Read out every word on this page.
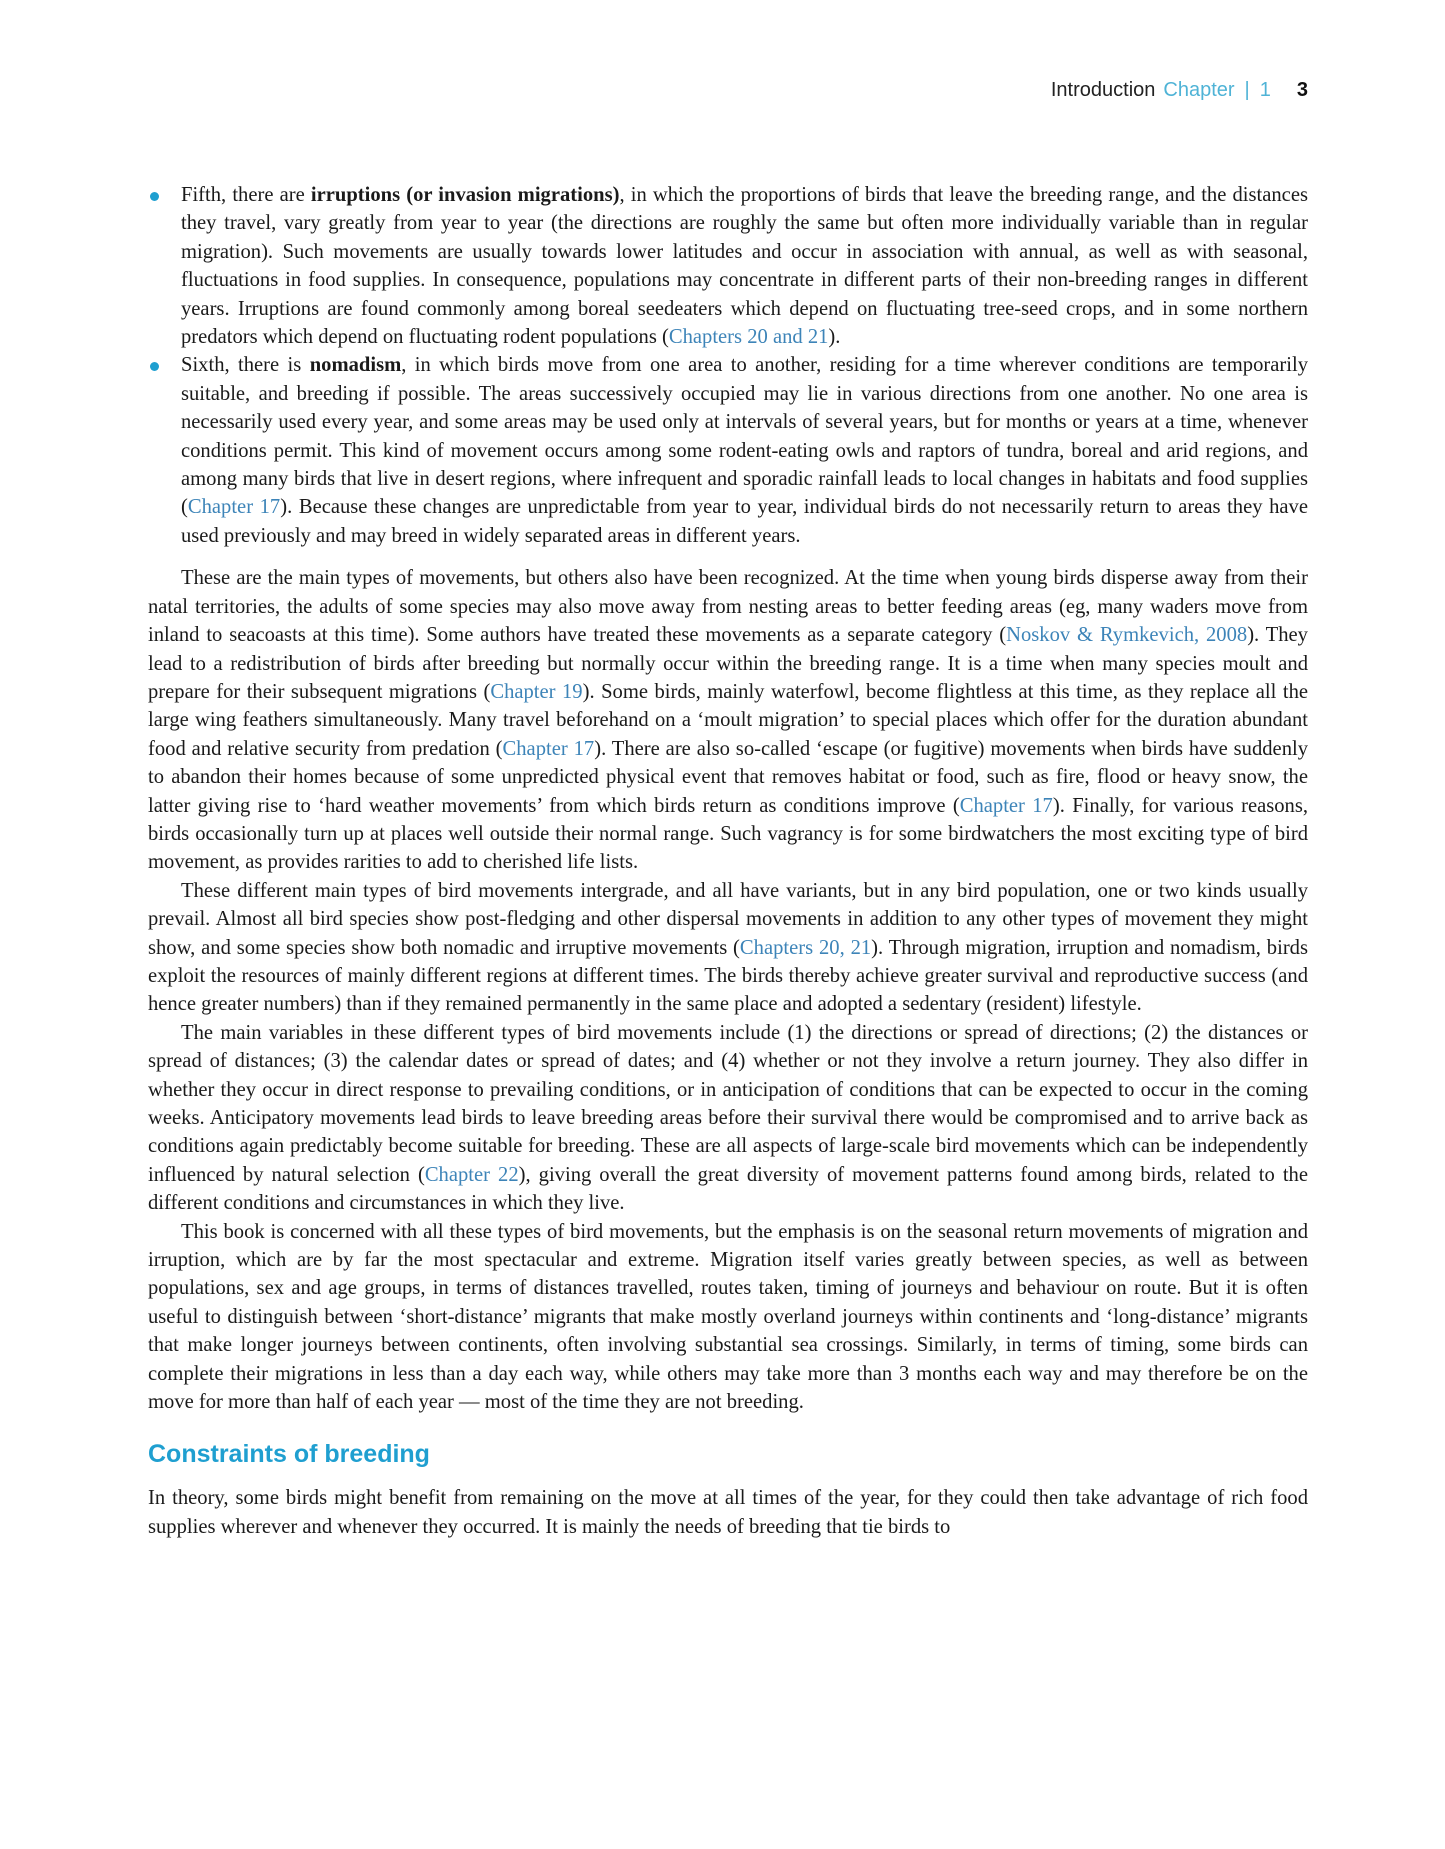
Introduction Chapter | 1 3
Fifth, there are irruptions (or invasion migrations), in which the proportions of birds that leave the breeding range, and the distances they travel, vary greatly from year to year (the directions are roughly the same but often more individually variable than in regular migration). Such movements are usually towards lower latitudes and occur in association with annual, as well as with seasonal, fluctuations in food supplies. In consequence, populations may concentrate in different parts of their non-breeding ranges in different years. Irruptions are found commonly among boreal seedeaters which depend on fluctuating tree-seed crops, and in some northern predators which depend on fluctuating rodent populations (Chapters 20 and 21).
Sixth, there is nomadism, in which birds move from one area to another, residing for a time wherever conditions are temporarily suitable, and breeding if possible. The areas successively occupied may lie in various directions from one another. No one area is necessarily used every year, and some areas may be used only at intervals of several years, but for months or years at a time, whenever conditions permit. This kind of movement occurs among some rodent-eating owls and raptors of tundra, boreal and arid regions, and among many birds that live in desert regions, where infrequent and sporadic rainfall leads to local changes in habitats and food supplies (Chapter 17). Because these changes are unpredictable from year to year, individual birds do not necessarily return to areas they have used previously and may breed in widely separated areas in different years.

These are the main types of movements, but others also have been recognized. At the time when young birds disperse away from their natal territories, the adults of some species may also move away from nesting areas to better feeding areas (eg, many waders move from inland to seacoasts at this time). Some authors have treated these movements as a separate category (Noskov & Rymkevich, 2008). They lead to a redistribution of birds after breeding but normally occur within the breeding range. It is a time when many species moult and prepare for their subsequent migrations (Chapter 19). Some birds, mainly waterfowl, become flightless at this time, as they replace all the large wing feathers simultaneously. Many travel beforehand on a ‘moult migration’ to special places which offer for the duration abundant food and relative security from predation (Chapter 17). There are also so-called ‘escape (or fugitive) movements when birds have suddenly to abandon their homes because of some unpredicted physical event that removes habitat or food, such as fire, flood or heavy snow, the latter giving rise to ‘hard weather movements’ from which birds return as conditions improve (Chapter 17). Finally, for various reasons, birds occasionally turn up at places well outside their normal range. Such vagrancy is for some birdwatchers the most exciting type of bird movement, as provides rarities to add to cherished life lists.

These different main types of bird movements intergrade, and all have variants, but in any bird population, one or two kinds usually prevail. Almost all bird species show post-fledging and other dispersal movements in addition to any other types of movement they might show, and some species show both nomadic and irruptive movements (Chapters 20, 21). Through migration, irruption and nomadism, birds exploit the resources of mainly different regions at different times. The birds thereby achieve greater survival and reproductive success (and hence greater numbers) than if they remained permanently in the same place and adopted a sedentary (resident) lifestyle.

The main variables in these different types of bird movements include (1) the directions or spread of directions; (2) the distances or spread of distances; (3) the calendar dates or spread of dates; and (4) whether or not they involve a return journey. They also differ in whether they occur in direct response to prevailing conditions, or in anticipation of conditions that can be expected to occur in the coming weeks. Anticipatory movements lead birds to leave breeding areas before their survival there would be compromised and to arrive back as conditions again predictably become suitable for breeding. These are all aspects of large-scale bird movements which can be independently influenced by natural selection (Chapter 22), giving overall the great diversity of movement patterns found among birds, related to the different conditions and circumstances in which they live.

This book is concerned with all these types of bird movements, but the emphasis is on the seasonal return movements of migration and irruption, which are by far the most spectacular and extreme. Migration itself varies greatly between species, as well as between populations, sex and age groups, in terms of distances travelled, routes taken, timing of journeys and behaviour on route. But it is often useful to distinguish between ‘short-distance’ migrants that make mostly overland journeys within continents and ‘long-distance’ migrants that make longer journeys between continents, often involving substantial sea crossings. Similarly, in terms of timing, some birds can complete their migrations in less than a day each way, while others may take more than 3 months each way and may therefore be on the move for more than half of each year — most of the time they are not breeding.

Constraints of breeding

In theory, some birds might benefit from remaining on the move at all times of the year, for they could then take advantage of rich food supplies wherever and whenever they occurred. It is mainly the needs of breeding that tie birds to
